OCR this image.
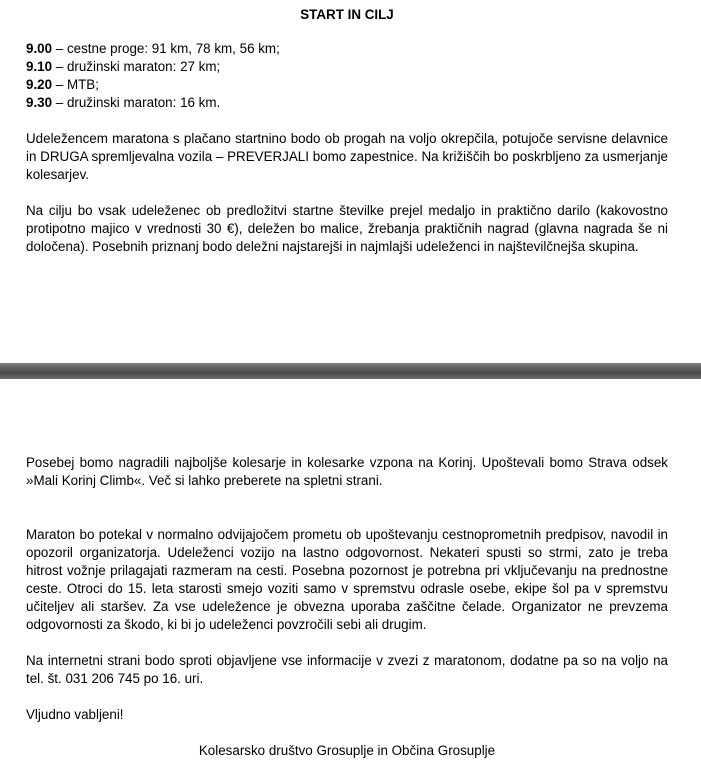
START IN CILJ
9.00 – cestne proge: 91 km, 78 km, 56 km;
9.10 – družinski maraton: 27 km;
9.20 – MTB;
9.30 – družinski maraton: 16 km.

Udeležencem maratona s plačano startnino bodo ob progah na voljo okrepčila, potujoče servisne delavnice in DRUGA spremljevalna vozila – PREVERJALI bomo zapestnice. Na križiščih bo poskrbljeno za usmerjanje kolesarjev.

Na cilju bo vsak udeleženec ob predložitvi startne številke prejel medaljo in praktično darilo (kakovostno protipotno majico v vrednosti 30 €), deležen bo malice, žrebanja praktičnih nagrad (glavna nagrada še ni določena). Posebnih priznanj bodo deležni najstarejši in najmlajši udeleženci in najštevilčnejša skupina.

Posebej bomo nagradili najboljše kolesarje in kolesarke vzpona na Korinj. Upoštevali bomo Strava odsek »Mali Korinj Climb«. Več si lahko preberete na spletni strani.

Maraton bo potekal v normalno odvijajočem prometu ob upoštevanju cestnoprometnih predpisov, navodil in opozoril organizatorja. Udeleženci vozijo na lastno odgovornost. Nekateri spusti so strmi, zato je treba hitrost vožnje prilagajati razmeram na cesti. Posebna pozornost je potrebna pri vključevanju na prednostne ceste. Otroci do 15. leta starosti smejo voziti samo v spremstvu odrasle osebe, ekipe šol pa v spremstvu učiteljev ali staršev. Za vse udeležence je obvezna uporaba zaščitne čelade. Organizator ne prevzema odgovornosti za škodo, ki bi jo udeleženci povzročili sebi ali drugim.

Na internetni strani bodo sproti objavljene vse informacije v zvezi z maratonom, dodatne pa so na voljo na tel. št. 031 206 745 po 16. uri.

Vljudno vabljeni!

Kolesarsko društvo Grosuplje in Občina Grosuplje
